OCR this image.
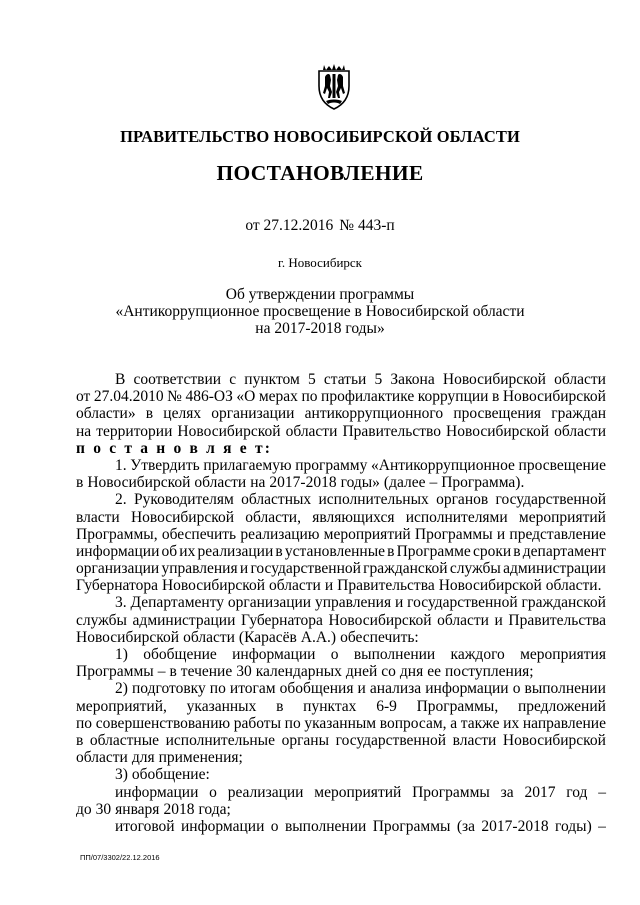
ПРАВИТЕЛЬСТВО НОВОСИБИРСКОЙ ОБЛАСТИ
ПОСТАНОВЛЕНИЕ
от 27.12.2016 № 443-п
г. Новосибирск
Об утверждении программы
«Антикоррупционное просвещение в Новосибирской области
на 2017-2018 годы»
В соответствии с пунктом 5 статьи 5 Закона Новосибирской области
от 27.04.2010 № 486-ОЗ «О мерах по профилактике коррупции в Новосибирской
области» в целях организации антикоррупционного просвещения граждан
на территории Новосибирской области Правительство Новосибирской области
п о с т а н о в л я е т:
1. Утвердить прилагаемую программу «Антикоррупционное просвещение
в Новосибирской области на 2017-2018 годы» (далее – Программа).
2. Руководителям областных исполнительных органов государственной
власти Новосибирской области, являющихся исполнителями мероприятий
Программы, обеспечить реализацию мероприятий Программы и представление
информации об их реализации в установленные в Программе сроки в департамент
организации управления и государственной гражданской службы администрации
Губернатора Новосибирской области и Правительства Новосибирской области.
3. Департаменту организации управления и государственной гражданской
службы администрации Губернатора Новосибирской области и Правительства
Новосибирской области (Карасёв А.А.) обеспечить:
1) обобщение информации о выполнении каждого мероприятия
Программы – в течение 30 календарных дней со дня ее поступления;
2) подготовку по итогам обобщения и анализа информации о выполнении
мероприятий, указанных в пунктах 6-9 Программы, предложений
по совершенствованию работы по указанным вопросам, а также их направление
в областные исполнительные органы государственной власти Новосибирской
области для применения;
3) обобщение:
информации о реализации мероприятий Программы за 2017 год –
до 30 января 2018 года;
итоговой информации о выполнении Программы (за 2017-2018 годы) –
ПП/07/3302/22.12.2016
